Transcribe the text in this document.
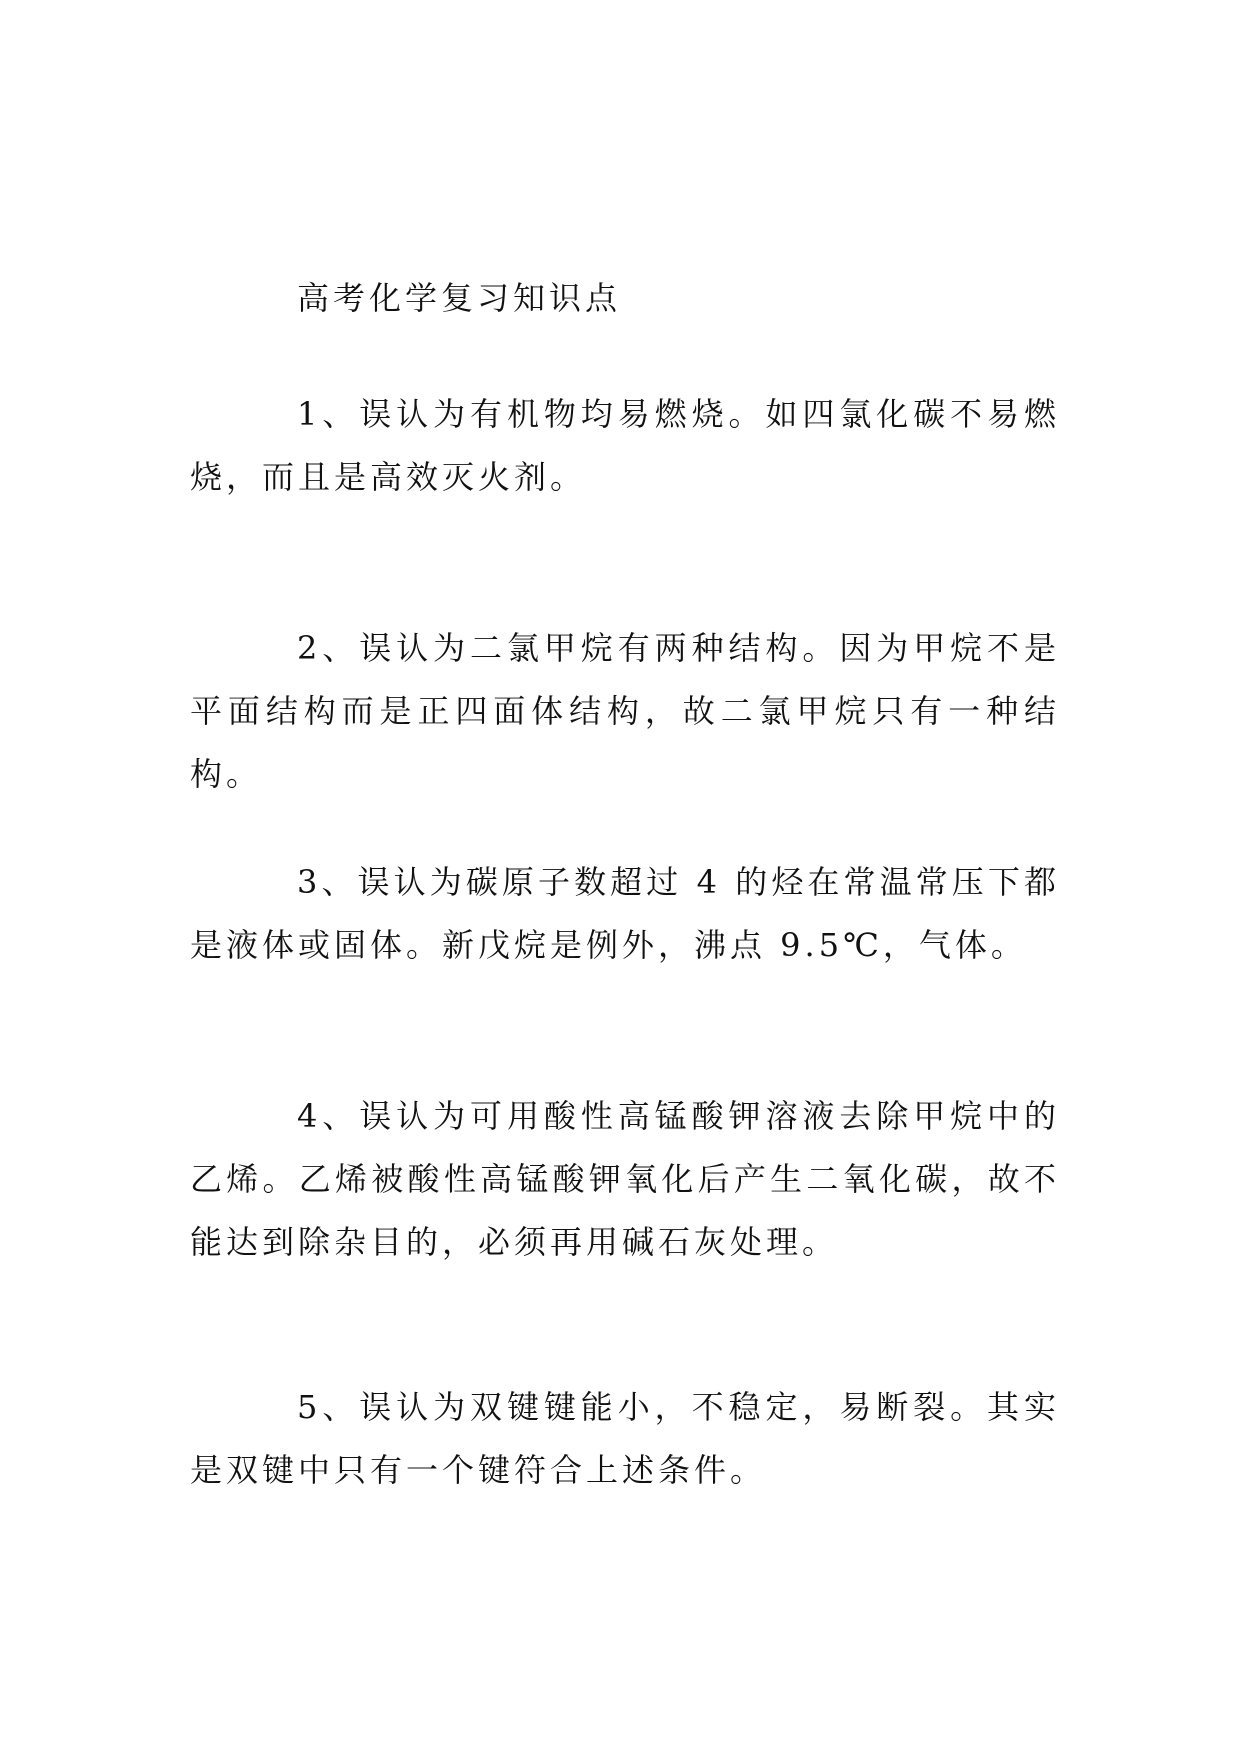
高考化学复习知识点

1、误认为有机物均易燃烧。如四氯化碳不易燃烧，而且是高效灭火剂。

2、误认为二氯甲烷有两种结构。因为甲烷不是平面结构而是正四面体结构，故二氯甲烷只有一种结构。

3、误认为碳原子数超过 4 的烃在常温常压下都是液体或固体。新戊烷是例外，沸点 9.5℃，气体。

4、误认为可用酸性高锰酸钾溶液去除甲烷中的乙烯。乙烯被酸性高锰酸钾氧化后产生二氧化碳，故不能达到除杂目的，必须再用碱石灰处理。

5、误认为双键键能小，不稳定，易断裂。其实是双键中只有一个键符合上述条件。
